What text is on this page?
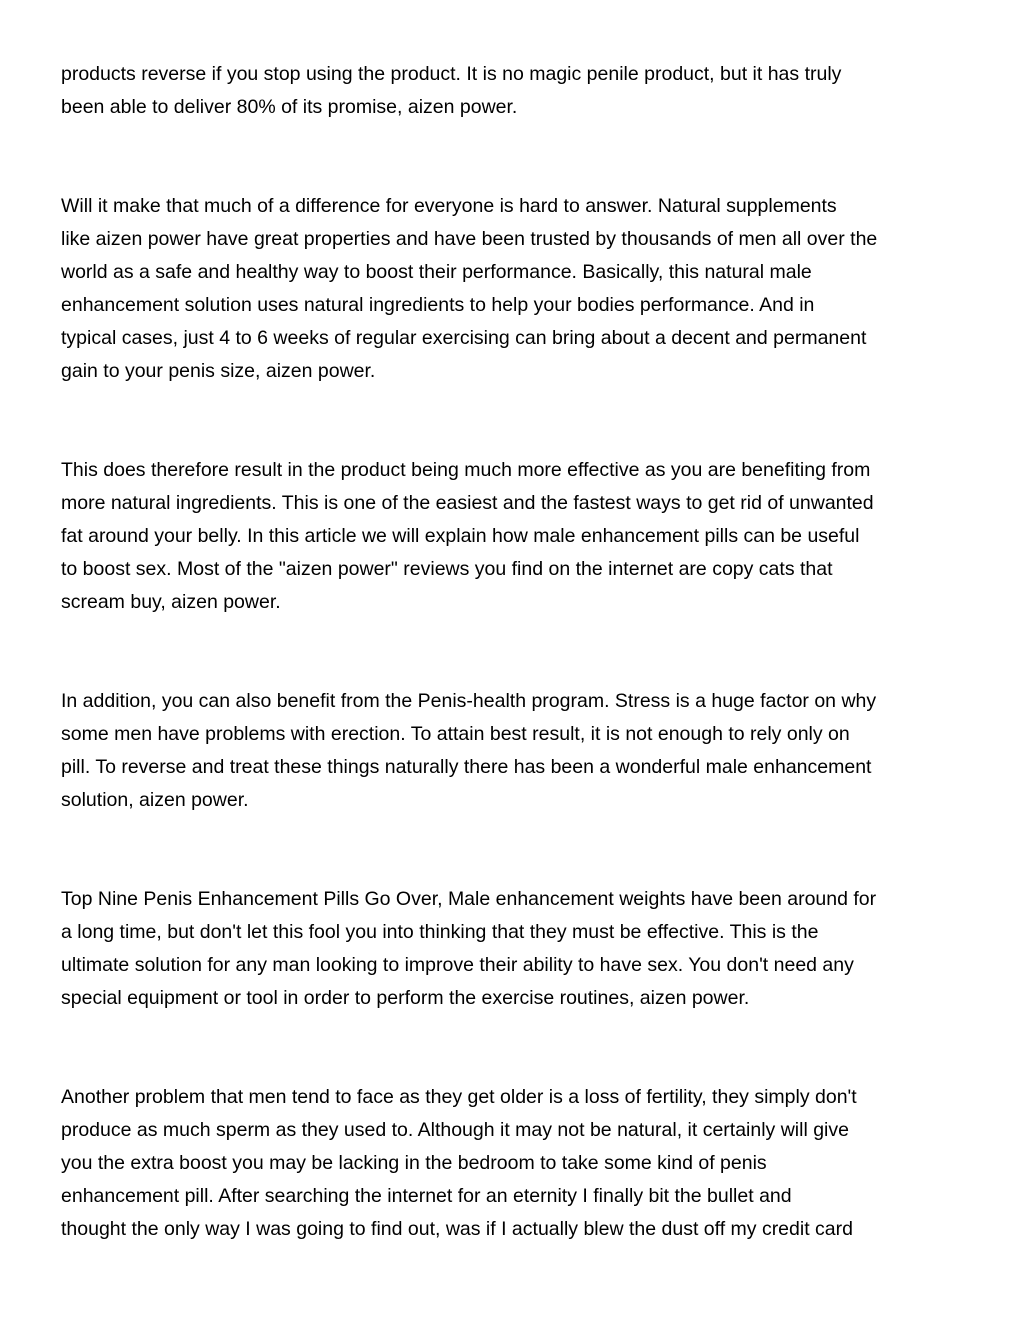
products reverse if you stop using the product. It is no magic penile product, but it has truly
been able to deliver 80% of its promise, aizen power.

Will it make that much of a difference for everyone is hard to answer. Natural supplements
like aizen power have great properties and have been trusted by thousands of men all over the
world as a safe and healthy way to boost their performance. Basically, this natural male
enhancement solution uses natural ingredients to help your bodies performance. And in
typical cases, just 4 to 6 weeks of regular exercising can bring about a decent and permanent
gain to your penis size, aizen power.

This does therefore result in the product being much more effective as you are benefiting from
more natural ingredients. This is one of the easiest and the fastest ways to get rid of unwanted
fat around your belly. In this article we will explain how male enhancement pills can be useful
to boost sex. Most of the "aizen power" reviews you find on the internet are copy cats that
scream buy, aizen power.

In addition, you can also benefit from the Penis-health program. Stress is a huge factor on why
some men have problems with erection. To attain best result, it is not enough to rely only on
pill. To reverse and treat these things naturally there has been a wonderful male enhancement
solution, aizen power.

Top Nine Penis Enhancement Pills Go Over, Male enhancement weights have been around for
a long time, but don't let this fool you into thinking that they must be effective. This is the
ultimate solution for any man looking to improve their ability to have sex. You don't need any
special equipment or tool in order to perform the exercise routines, aizen power.

Another problem that men tend to face as they get older is a loss of fertility, they simply don't
produce as much sperm as they used to. Although it may not be natural, it certainly will give
you the extra boost you may be lacking in the bedroom to take some kind of penis
enhancement pill. After searching the internet for an eternity I finally bit the bullet and
thought the only way I was going to find out, was if I actually blew the dust off my credit card
